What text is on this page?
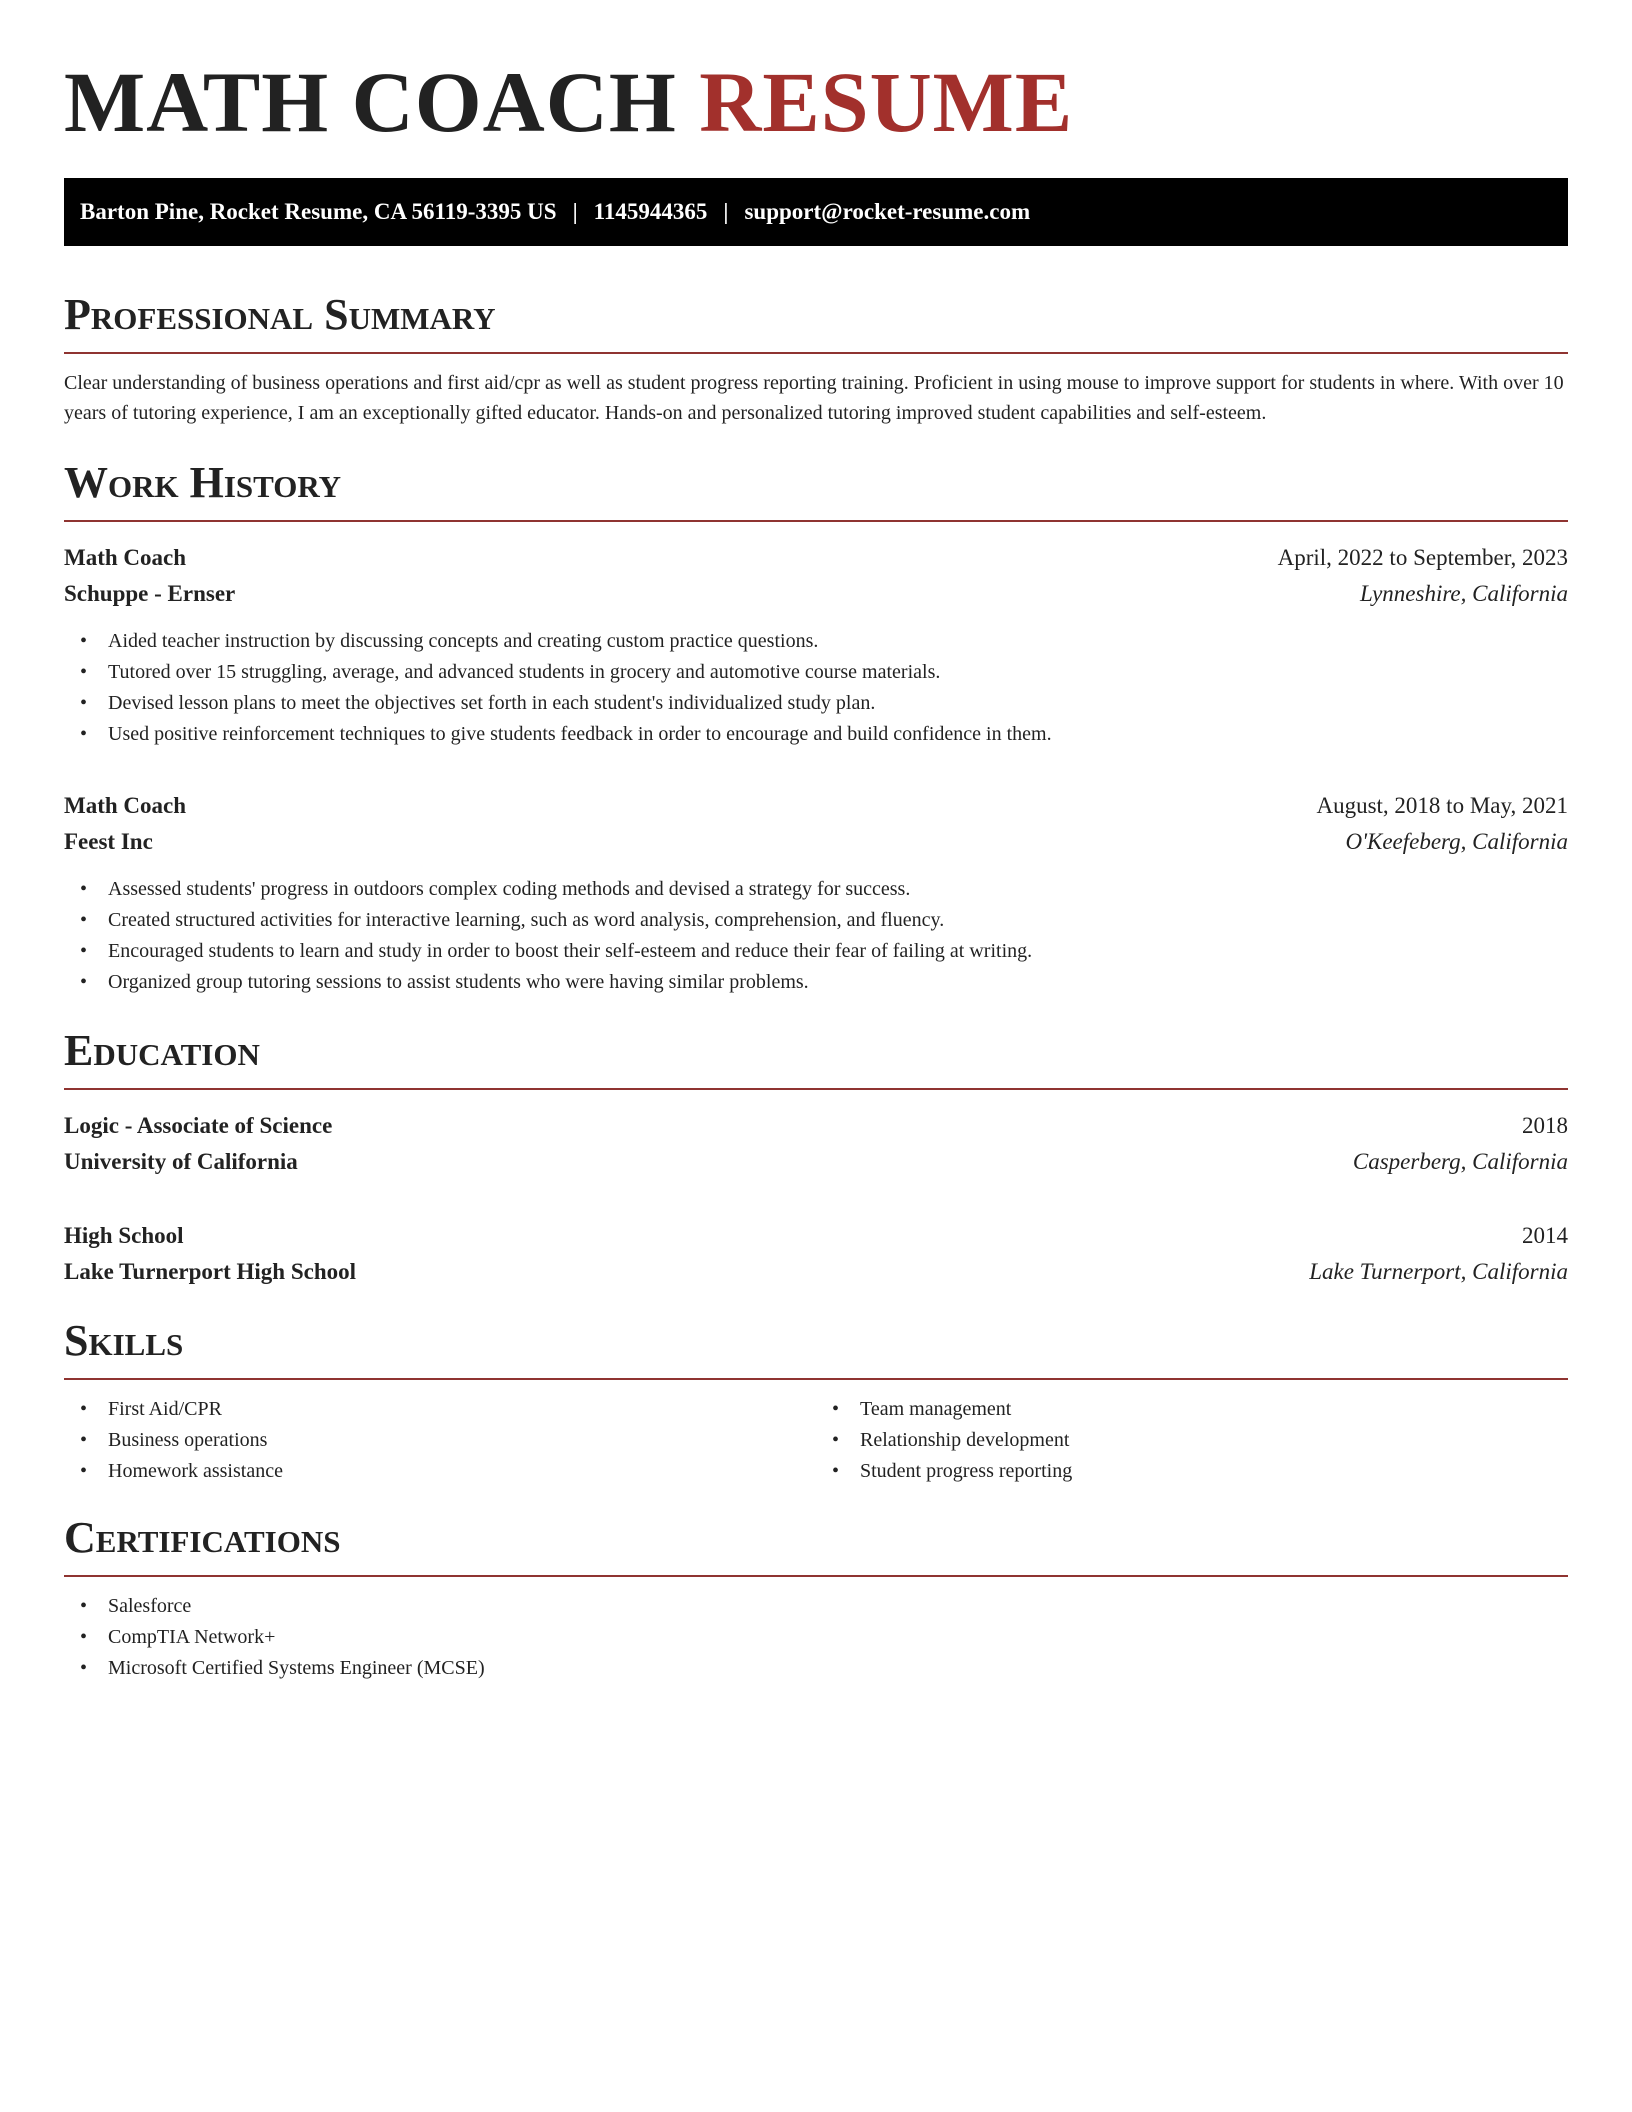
MATH COACH RESUME
Barton Pine, Rocket Resume, CA 56119-3395 US | 1145944365 | support@rocket-resume.com
Professional Summary

Clear understanding of business operations and first aid/cpr as well as student progress reporting training. Proficient in using mouse to improve support for students in where. With over 10 years of tutoring experience, I am an exceptionally gifted educator. Hands-on and personalized tutoring improved student capabilities and self-esteem.

Work History
Math Coach	April, 2022 to September, 2023
Schuppe - Ernser	Lynneshire, California
• Aided teacher instruction by discussing concepts and creating custom practice questions.
• Tutored over 15 struggling, average, and advanced students in grocery and automotive course materials.
• Devised lesson plans to meet the objectives set forth in each student's individualized study plan.
• Used positive reinforcement techniques to give students feedback in order to encourage and build confidence in them.
Math Coach	August, 2018 to May, 2021
Feest Inc	O'Keefeberg, California
• Assessed students' progress in outdoors complex coding methods and devised a strategy for success.
• Created structured activities for interactive learning, such as word analysis, comprehension, and fluency.
• Encouraged students to learn and study in order to boost their self-esteem and reduce their fear of failing at writing.
• Organized group tutoring sessions to assist students who were having similar problems.
Education
Logic - Associate of Science	2018
University of California	Casperberg, California
High School	2014
Lake Turnerport High School	Lake Turnerport, California
Skills
• First Aid/CPR
• Business operations
• Homework assistance
• Team management
• Relationship development
• Student progress reporting
Certifications
• Salesforce
• CompTIA Network+
• Microsoft Certified Systems Engineer (MCSE)
